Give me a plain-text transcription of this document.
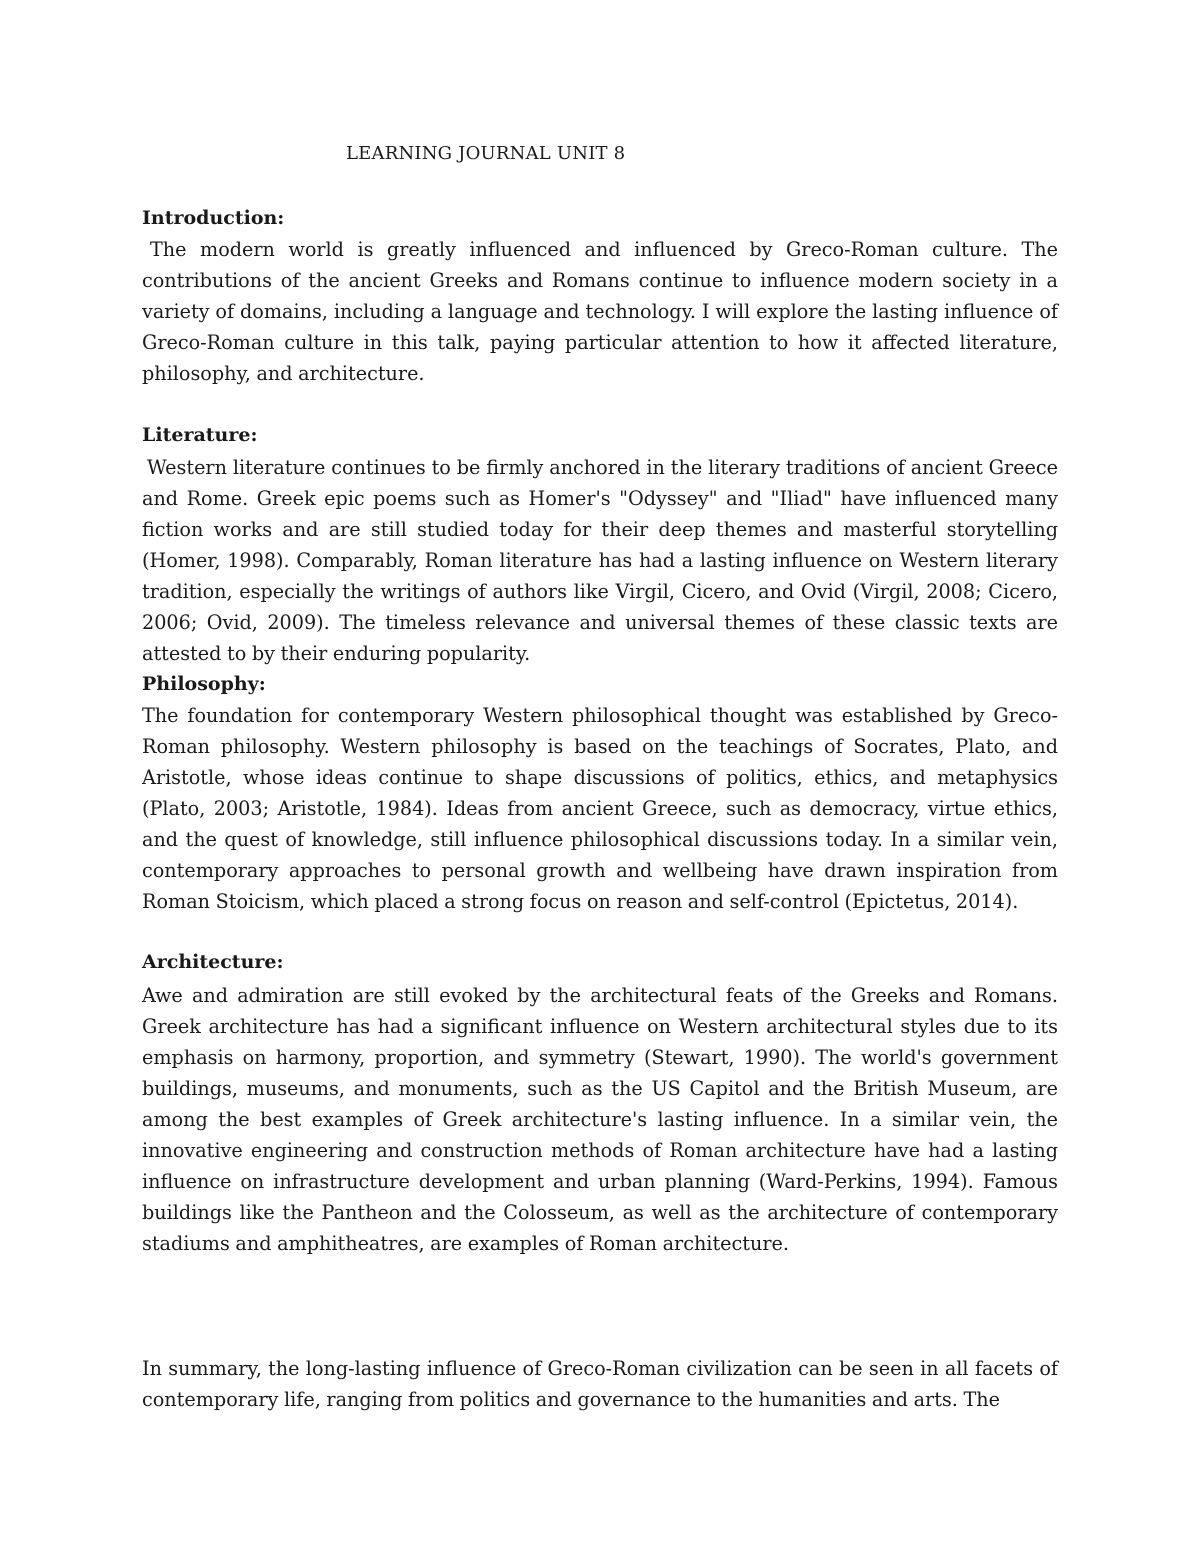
LEARNING JOURNAL UNIT 8
Introduction:

The modern world is greatly influenced and influenced by Greco-Roman culture. The contributions of the ancient Greeks and Romans continue to influence modern society in a variety of domains, including a language and technology. I will explore the lasting influence of Greco-Roman culture in this talk, paying particular attention to how it affected literature, philosophy, and architecture.

Literature:

Western literature continues to be firmly anchored in the literary traditions of ancient Greece and Rome. Greek epic poems such as Homer's "Odyssey" and "Iliad" have influenced many fiction works and are still studied today for their deep themes and masterful storytelling (Homer, 1998). Comparably, Roman literature has had a lasting influence on Western literary tradition, especially the writings of authors like Virgil, Cicero, and Ovid (Virgil, 2008; Cicero, 2006; Ovid, 2009). The timeless relevance and universal themes of these classic texts are attested to by their enduring popularity.

Philosophy:

The foundation for contemporary Western philosophical thought was established by Greco-Roman philosophy. Western philosophy is based on the teachings of Socrates, Plato, and Aristotle, whose ideas continue to shape discussions of politics, ethics, and metaphysics (Plato, 2003; Aristotle, 1984). Ideas from ancient Greece, such as democracy, virtue ethics, and the quest of knowledge, still influence philosophical discussions today. In a similar vein, contemporary approaches to personal growth and wellbeing have drawn inspiration from Roman Stoicism, which placed a strong focus on reason and self-control (Epictetus, 2014).

Architecture:

Awe and admiration are still evoked by the architectural feats of the Greeks and Romans. Greek architecture has had a significant influence on Western architectural styles due to its emphasis on harmony, proportion, and symmetry (Stewart, 1990). The world's government buildings, museums, and monuments, such as the US Capitol and the British Museum, are among the best examples of Greek architecture's lasting influence. In a similar vein, the innovative engineering and construction methods of Roman architecture have had a lasting influence on infrastructure development and urban planning (Ward-Perkins, 1994). Famous buildings like the Pantheon and the Colosseum, as well as the architecture of contemporary stadiums and amphitheatres, are examples of Roman architecture.

In summary, the long-lasting influence of Greco-Roman civilization can be seen in all facets of contemporary life, ranging from politics and governance to the humanities and arts. The
